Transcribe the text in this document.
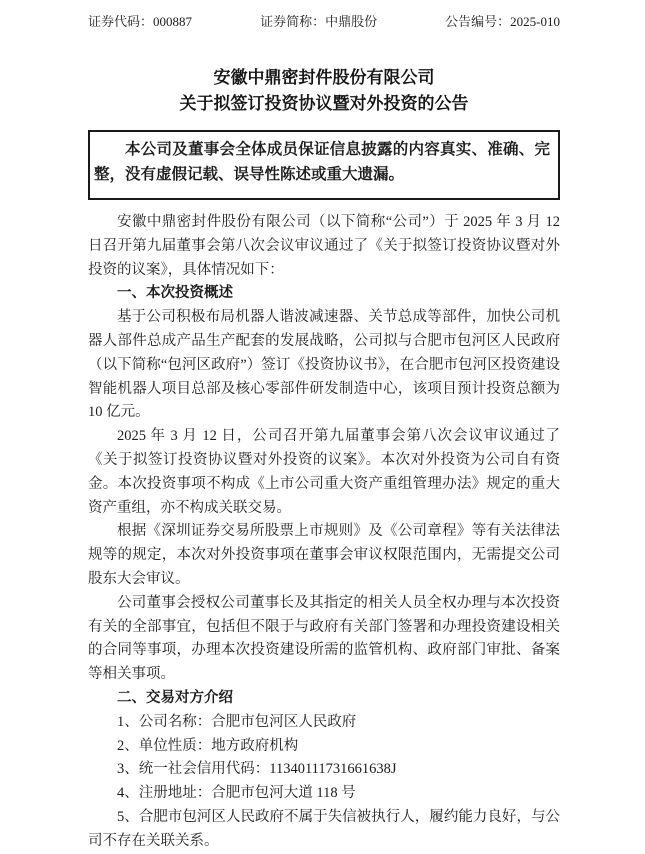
证券代码：000887	证券简称：中鼎股份	公告编号：2025-010
安徽中鼎密封件股份有限公司
关于拟签订投资协议暨对外投资的公告

本公司及董事会全体成员保证信息披露的内容真实、准确、完整，没有虚假记载、误导性陈述或重大遗漏。

安徽中鼎密封件股份有限公司（以下简称“公司”）于 2025 年 3 月 12 日召开第九届董事会第八次会议审议通过了《关于拟签订投资协议暨对外投资的议案》，具体情况如下：

一、本次投资概述

基于公司积极布局机器人谐波减速器、关节总成等部件，加快公司机器人部件总成产品生产配套的发展战略，公司拟与合肥市包河区人民政府（以下简称“包河区政府”）签订《投资协议书》，在合肥市包河区投资建设智能机器人项目总部及核心零部件研发制造中心，该项目预计投资总额为 10 亿元。

2025 年 3 月 12 日，公司召开第九届董事会第八次会议审议通过了《关于拟签订投资协议暨对外投资的议案》。本次对外投资为公司自有资金。本次投资事项不构成《上市公司重大资产重组管理办法》规定的重大资产重组，亦不构成关联交易。

根据《深圳证券交易所股票上市规则》及《公司章程》等有关法律法规等的规定，本次对外投资事项在董事会审议权限范围内，无需提交公司股东大会审议。

公司董事会授权公司董事长及其指定的相关人员全权办理与本次投资有关的全部事宜，包括但不限于与政府有关部门签署和办理投资建设相关的合同等事项，办理本次投资建设所需的监管机构、政府部门审批、备案等相关事项。

二、交易对方介绍

1、公司名称：合肥市包河区人民政府

2、单位性质：地方政府机构

3、统一社会信用代码：11340111731661638J

4、注册地址：合肥市包河大道 118 号

5、合肥市包河区人民政府不属于失信被执行人，履约能力良好，与公司不存在关联关系。
